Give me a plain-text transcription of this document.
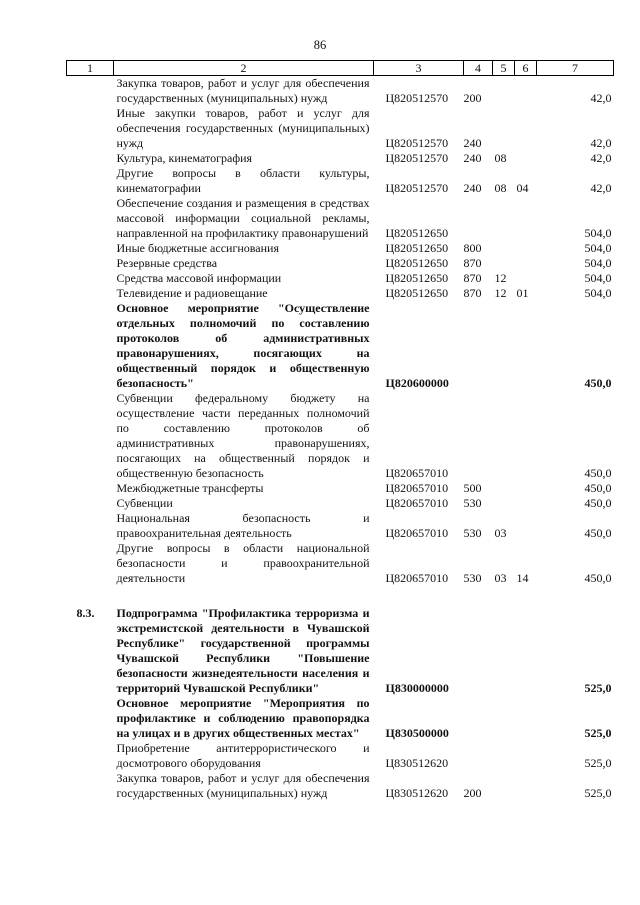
86
1	2	3	4	5	6	7
	Закупка товаров, работ и услуг для обеспечения государственных (муниципальных) нужд	Ц820512570	200			42,0
	Иные закупки товаров, работ и услуг для обеспечения государственных (муниципальных) нужд	Ц820512570	240			42,0
	Культура, кинематография	Ц820512570	240	08		42,0
	Другие вопросы в области культуры, кинематографии	Ц820512570	240	08	04	42,0
	Обеспечение создания и размещения в средствах массовой информации социальной рекламы, направленной на профилактику правонарушений	Ц820512650				504,0
	Иные бюджетные ассигнования	Ц820512650	800			504,0
	Резервные средства	Ц820512650	870			504,0
	Средства массовой информации	Ц820512650	870	12		504,0
	Телевидение и радиовещание	Ц820512650	870	12	01	504,0
	Основное мероприятие "Осуществление отдельных полномочий по составлению протоколов об административных правонарушениях, посягающих на общественный порядок и общественную безопасность"	Ц820600000				450,0
	Субвенции федеральному бюджету на осуществление части переданных полномочий по составлению протоколов об административных правонарушениях, посягающих на общественный порядок и общественную безопасность	Ц820657010				450,0
	Межбюджетные трансферты	Ц820657010	500			450,0
	Субвенции	Ц820657010	530			450,0
	Национальная безопасность и правоохранительная деятельность	Ц820657010	530	03		450,0
	Другие вопросы в области национальной безопасности и правоохранительной деятельности	Ц820657010	530	03	14	450,0

8.3.	Подпрограмма "Профилактика терроризма и экстремистской деятельности в Чувашской Республике" государственной программы Чувашской Республики "Повышение безопасности жизнедеятельности населения и территорий Чувашской Республики"	Ц830000000				525,0
	Основное мероприятие "Мероприятия по профилактике и соблюдению правопорядка на улицах и в других общественных местах"	Ц830500000				525,0
	Приобретение антитеррористического и досмотрового оборудования	Ц830512620				525,0
	Закупка товаров, работ и услуг для обеспечения государственных (муниципальных) нужд	Ц830512620	200			525,0
